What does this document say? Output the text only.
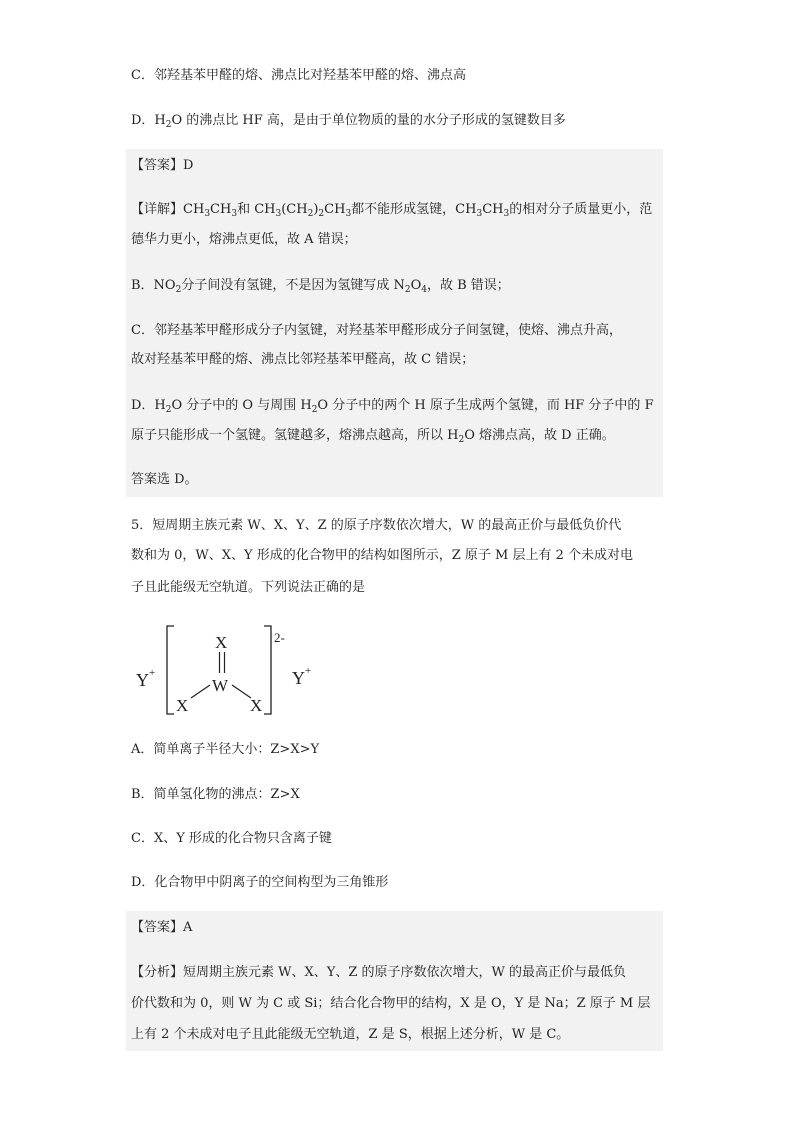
C．邻羟基苯甲醛的熔、沸点比对羟基苯甲醛的熔、沸点高
D．$H_2O$ 的沸点比 HF 高，是由于单位物质的量的水分子形成的氢键数目多
【答案】D
【详解】$CH_3CH_3$和 $CH_3(CH_2)_2CH_3$都不能形成氢键，$CH_3CH_3$的相对分子质量更小，范
德华力更小，熔沸点更低，故 A 错误；
B．$NO_2$分子间没有氢键，不是因为氢键写成 $N_2O_4$，故 B 错误；
C．邻羟基苯甲醛形成分子内氢键，对羟基苯甲醛形成分子间氢键，使熔、沸点升高，
故对羟基苯甲醛的熔、沸点比邻羟基苯甲醛高，故 C 错误；
D．$H_2O$ 分子中的 O 与周围 $H_2O$ 分子中的两个 H 原子生成两个氢键，而 HF 分子中的 F
原子只能形成一个氢键。氢键越多，熔沸点越高，所以 $H_2O$ 熔沸点高，故 D 正确。
答案选 D。
5．短周期主族元素 W、X、Y、Z 的原子序数依次增大，W 的最高正价与最低负价代
数和为 0，W、X、Y 形成的化合物甲的结构如图所示，Z 原子 M 层上有 2 个未成对电
子且此能级无空轨道。下列说法正确的是
Y +
X
W
X	X
2-
Y +
A．简单离子半径大小：Z>X>Y
B．简单氢化物的沸点：Z>X
C．X、Y 形成的化合物只含离子键
D．化合物甲中阴离子的空间构型为三角锥形
【答案】A
【分析】短周期主族元素 W、X、Y、Z 的原子序数依次增大，W 的最高正价与最低负
价代数和为 0，则 W 为 C 或 Si；结合化合物甲的结构，X 是 O，Y 是 Na；Z 原子 M 层
上有 2 个未成对电子且此能级无空轨道，Z 是 S，根据上述分析，W 是 C。
